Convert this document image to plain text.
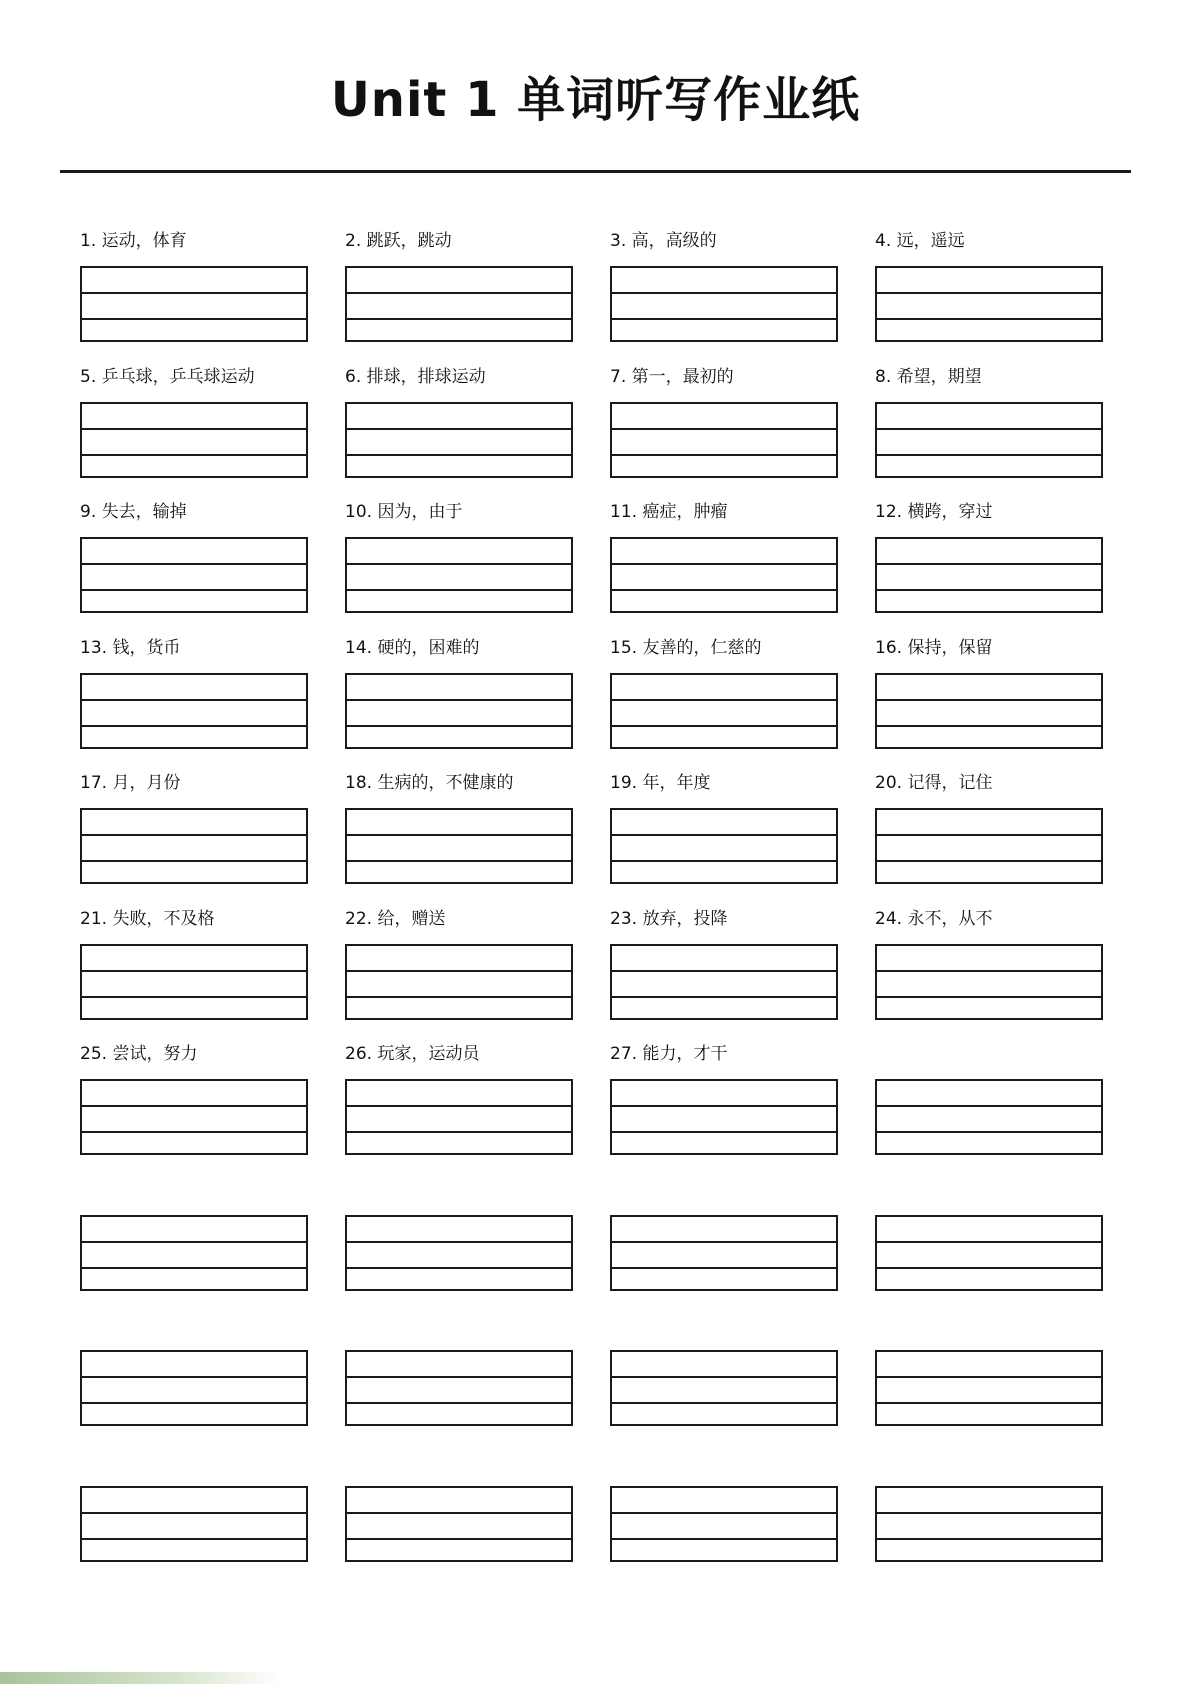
Unit 1 单词听写作业纸
1. 运动，体育	2. 跳跃，跳动	3. 高，高级的	4. 远，遥远
5. 乒乓球，乒乓球运动	6. 排球，排球运动	7. 第一，最初的	8. 希望，期望
9. 失去，输掉	10. 因为，由于	11. 癌症，肿瘤	12. 横跨，穿过
13. 钱，货币	14. 硬的，困难的	15. 友善的，仁慈的	16. 保持，保留
17. 月，月份	18. 生病的，不健康的	19. 年，年度	20. 记得，记住
21. 失败，不及格	22. 给，赠送	23. 放弃，投降	24. 永不，从不
25. 尝试，努力	26. 玩家，运动员	27. 能力，才干
